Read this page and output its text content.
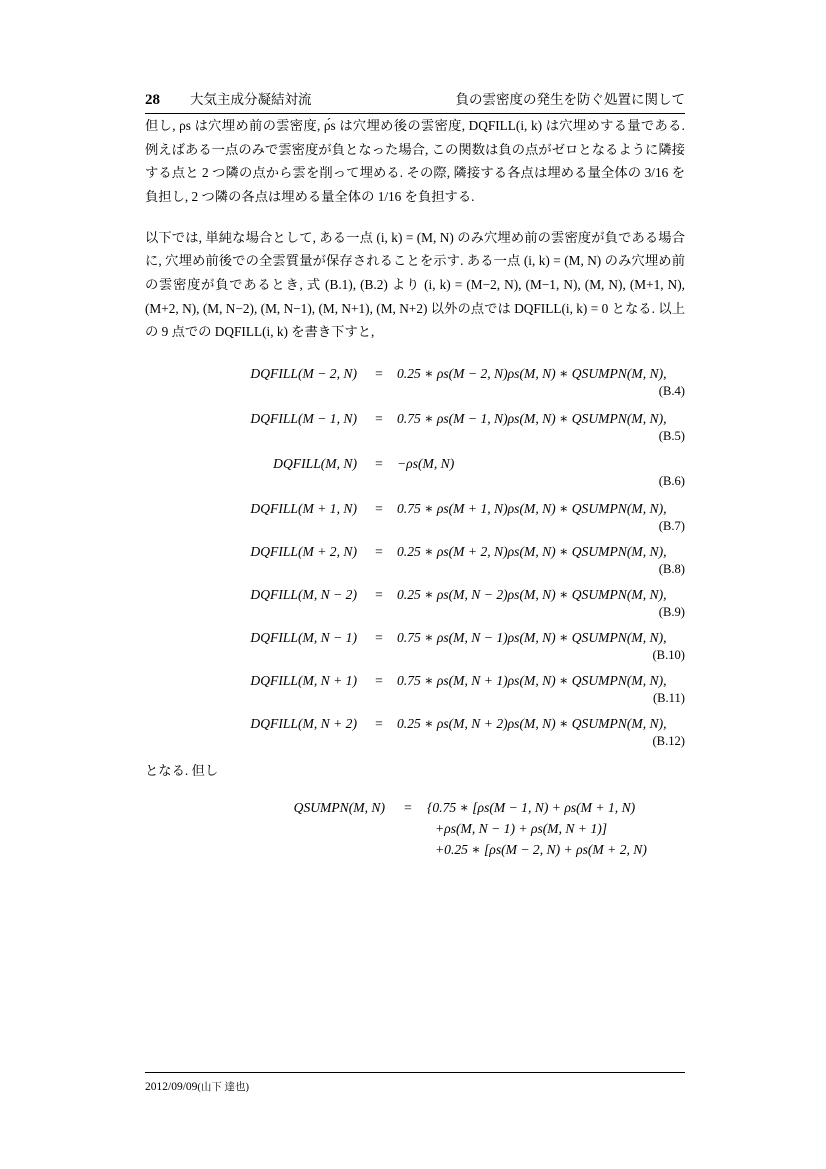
28 大気主成分凝結対流	負の雲密度の発生を防ぐ処置に関して

但し, ρs は穴埋め前の雲密度, ρ́s は穴埋め後の雲密度, DQFILL(i, k) は穴埋めする量である. 例えばある一点のみで雲密度が負となった場合, この関数は負の点がゼロとなるように隣接する点と 2 つ隣の点から雲を削って埋める. その際, 隣接する各点は埋める量全体の 3/16 を負担し, 2 つ隣の各点は埋める量全体の 1/16 を負担する.

以下では, 単純な場合として, ある一点 (i, k) = (M, N) のみ穴埋め前の雲密度が負である場合に, 穴埋め前後での全雲質量が保存されることを示す. ある一点 (i, k) = (M, N) のみ穴埋め前の雲密度が負であるとき, 式 (B.1), (B.2) より (i, k) = (M−2, N), (M−1, N), (M, N), (M+1, N), (M+2, N), (M, N−2), (M, N−1), (M, N+1), (M, N+2) 以外の点では DQFILL(i, k) = 0 となる. 以上の 9 点での DQFILL(i, k) を書き下すと,

DQFILL(M − 2, N)	=	0.25 ∗ ρs(M − 2, N)ρs(M, N) ∗ QSUMPN(M, N),
(B.4)
DQFILL(M − 1, N)	=	0.75 ∗ ρs(M − 1, N)ρs(M, N) ∗ QSUMPN(M, N),
(B.5)
DQFILL(M, N)	=	−ρs(M, N)
(B.6)
DQFILL(M + 1, N)	=	0.75 ∗ ρs(M + 1, N)ρs(M, N) ∗ QSUMPN(M, N),
(B.7)
DQFILL(M + 2, N)	=	0.25 ∗ ρs(M + 2, N)ρs(M, N) ∗ QSUMPN(M, N),
(B.8)
DQFILL(M, N − 2)	=	0.25 ∗ ρs(M, N − 2)ρs(M, N) ∗ QSUMPN(M, N),
(B.9)
DQFILL(M, N − 1)	=	0.75 ∗ ρs(M, N − 1)ρs(M, N) ∗ QSUMPN(M, N),
(B.10)
DQFILL(M, N + 1)	=	0.75 ∗ ρs(M, N + 1)ρs(M, N) ∗ QSUMPN(M, N),
(B.11)
DQFILL(M, N + 2)	=	0.25 ∗ ρs(M, N + 2)ρs(M, N) ∗ QSUMPN(M, N),
(B.12)

となる. 但し

QSUMPN(M, N)	=	{0.75 ∗ [ρs(M − 1, N) + ρs(M + 1, N)
+ρs(M, N − 1) + ρs(M, N + 1)]
+0.25 ∗ [ρs(M − 2, N) + ρs(M + 2, N)
2012/09/09(山下 達也)
